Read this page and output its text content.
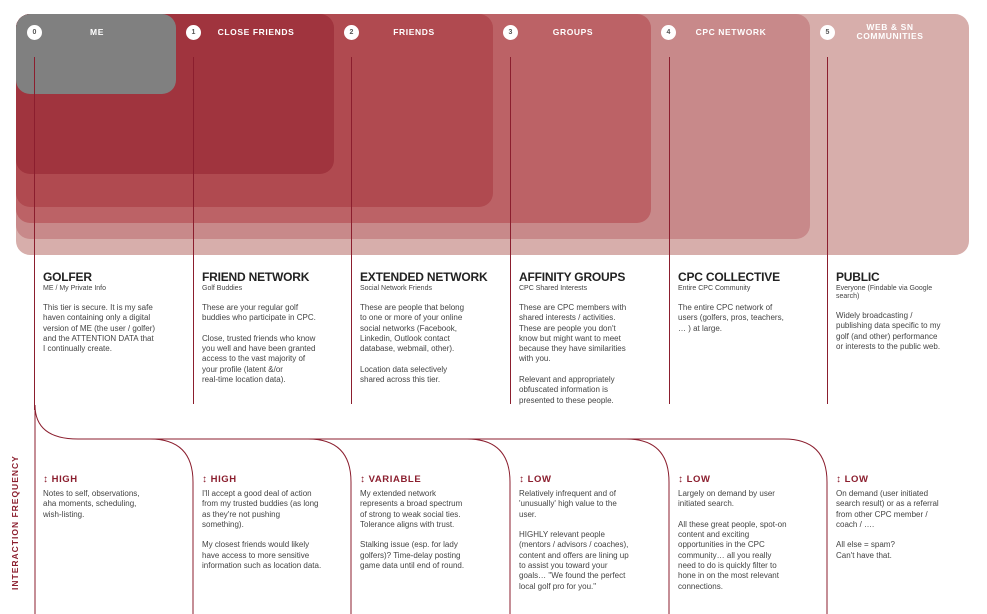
0	ME	1	CLOSE FRIENDS	2	FRIENDS	3	GROUPS	4	CPC NETWORK	5	WEB & SN
COMMUNITIES
GOLFER
ME / My Private Info
This tier is secure. It is my safe
haven containing only a digital
version of ME (the user / golfer)
and the ATTENTION DATA that
I continually create.
FRIEND NETWORK
Golf Buddies
These are your regular golf
buddies who participate in CPC.

Close, trusted friends who know
you well and have been granted
access to the vast majority of
your profile (latent &/or
real-time location data).
EXTENDED NETWORK
Social Network Friends
These are people that belong
to one or more of your online
social networks (Facebook,
Linkedin, Outlook contact
database, webmail, other).

Location data selectively
shared across this tier.
AFFINITY GROUPS
CPC Shared Interests
These are CPC members with
shared interests / activities.
These are people you don't
know but might want to meet
because they have similarities
with you.

Relevant and appropriately
obfuscated information is
presented to these people.
CPC COLLECTIVE
Entire CPC Community
The entire CPC network of
users (golfers, pros, teachers,
… ) at large.
PUBLIC
Everyone (Findable via Google
search)
Widely broadcasting /
publishing data specific to my
golf (and other) performance
or interests to the public web.
INTERACTION FREQUENCY ↕ HIGH
Notes to self, observations,
aha moments, scheduling,
wish-listing.
↕ HIGH
I'll accept a good deal of action
from my trusted buddies (as long
as they're not pushing
something).

My closest friends would likely
have access to more sensitive
information such as location data.
↕ VARIABLE
My extended network
represents a broad spectrum
of strong to weak social ties.
Tolerance aligns with trust.

Stalking issue (esp. for lady
golfers)? Time-delay posting
game data until end of round.
↕ LOW
Relatively infrequent and of
'unusually' high value to the
user.

HIGHLY relevant people
(mentors / advisors / coaches),
content and offers are lining up
to assist you toward your
goals… "We found the perfect
local golf pro for you."
↕ LOW
Largely on demand by user
initiated search.

All these great people, spot-on
content and exciting
opportunities in the CPC
community… all you really
need to do is quickly filter to
hone in on the most relevant
connections.
↕ LOW
On demand (user initiated
search result) or as a referral
from other CPC member /
coach / ….

All else = spam?
Can't have that.
